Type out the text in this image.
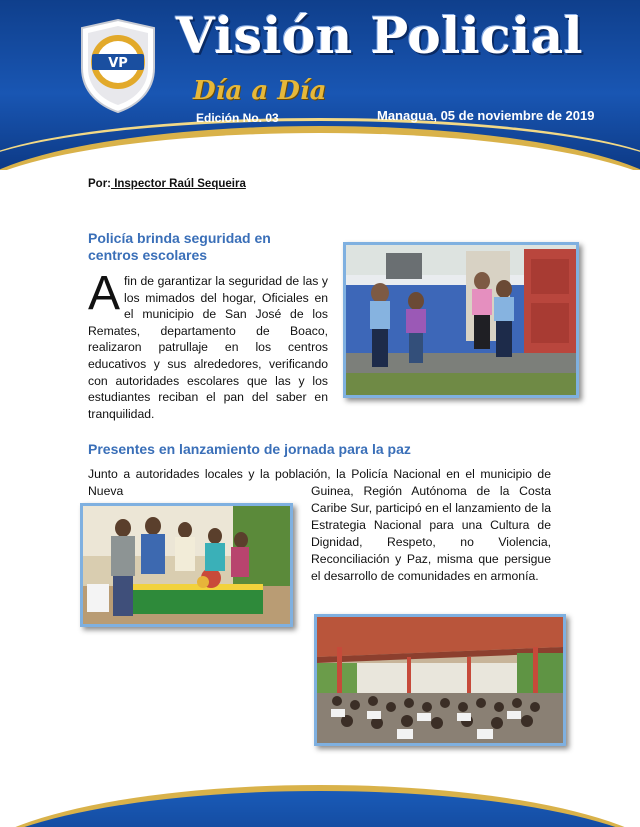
VP Visión Policial
Día a Día
Edición No. 03	Managua, 05 de noviembre de 2019
Por: Inspector Raúl Sequeira
Policía brinda seguridad en centros escolares
Afin de garantizar la seguridad de las y los mimados del hogar, Oficiales en el municipio de San José de los Remates, departamento de Boaco, realizaron patrullaje en los centros educativos y sus alrededores, verificando con autoridades escolares que las y los estudiantes reciban el pan del saber en tranquilidad.
Presentes en lanzamiento de jornada para la paz
Junto a autoridades locales y la población, la Policía Nacional en el municipio de Nueva	Guinea, Región Autónoma de la Costa Caribe Sur, participó en el lanzamiento de la Estrategia Nacional para una Cultura de Dignidad, Respeto, no Violencia, Reconciliación y Paz, misma que persigue el desarrollo de comunidades en armonía.
